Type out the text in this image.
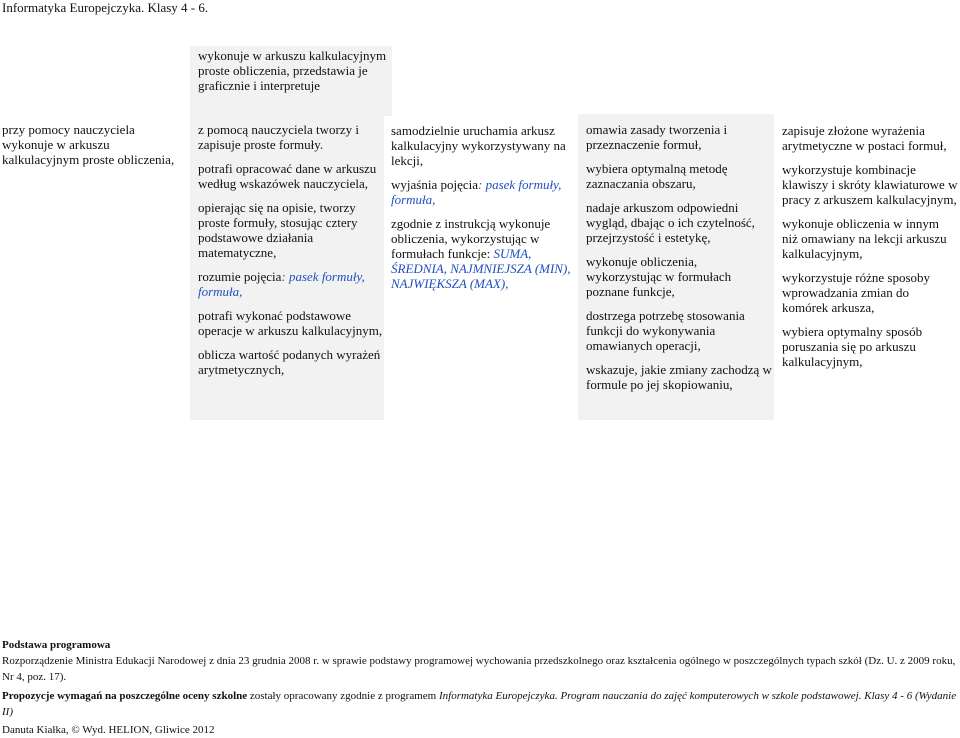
Informatyka Europejczyka. Klasy 4 - 6.
wykonuje w arkuszu kalkulacyjnym proste obliczenia, przedstawia je graficznie i interpretuje
przy pomocy nauczyciela wykonuje w arkuszu kalkulacyjnym proste obliczenia,

z pomocą nauczyciela tworzy i zapisuje proste formuły.

potrafi opracować dane w arkuszu według wskazówek nauczyciela,

opierając się na opisie, tworzy proste formuły, stosując cztery podstawowe działania matematyczne,

rozumie pojęcia: pasek formuły, formuła,

potrafi wykonać podstawowe operacje w arkuszu kalkulacyjnym,

oblicza wartość podanych wyrażeń arytmetycznych,

samodzielnie uruchamia arkusz kalkulacyjny wykorzystywany na lekcji,

wyjaśnia pojęcia: pasek formuły, formuła,

zgodnie z instrukcją wykonuje obliczenia, wykorzystując w formułach funkcje: SUMA, ŚREDNIA, NAJMNIEJSZA (MIN), NAJWIĘKSZA (MAX),

omawia zasady tworzenia i przeznaczenie formuł,

wybiera optymalną metodę zaznaczania obszaru,

nadaje arkuszom odpowiedni wygląd, dbając o ich czytelność, przejrzystość i estetykę,

wykonuje obliczenia, wykorzystując w formułach poznane funkcje,

dostrzega potrzebę stosowania funkcji do wykonywania omawianych operacji,

wskazuje, jakie zmiany zachodzą w formule po jej skopiowaniu,

zapisuje złożone wyrażenia arytmetyczne w postaci formuł,

wykorzystuje kombinacje klawiszy i skróty klawiaturowe w pracy z arkuszem kalkulacyjnym,

wykonuje obliczenia w innym niż omawiany na lekcji arkuszu kalkulacyjnym,

wykorzystuje różne sposoby wprowadzania zmian do komórek arkusza,

wybiera optymalny sposób poruszania się po arkuszu kalkulacyjnym,

Podstawa programowa
Rozporządzenie Ministra Edukacji Narodowej z dnia 23 grudnia 2008 r. w sprawie podstawy programowej wychowania przedszkolnego oraz kształcenia ogólnego w poszczególnych typach szkół (Dz. U. z 2009 roku, Nr 4, poz. 17).
Propozycje wymagań na poszczególne oceny szkolne zostały opracowany zgodnie z programem Informatyka Europejczyka. Program nauczania do zajęć komputerowych w szkole podstawowej. Klasy 4 - 6 (Wydanie II)
Danuta Kiałka, © Wyd. HELION, Gliwice 2012
